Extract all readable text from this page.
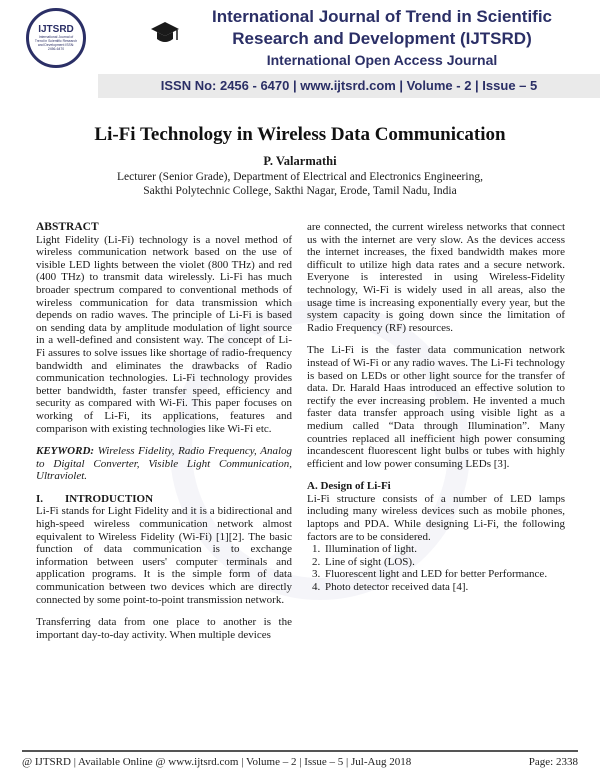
IJTSRD
International Journal of Trend in Scientific Research and Development ISSN: 2456-6470
International Journal of Trend in Scientific Research and Development (IJTSRD)
International Open Access Journal
ISSN No: 2456 - 6470 | www.ijtsrd.com | Volume - 2 | Issue – 5
Li-Fi Technology in Wireless Data Communication
P. Valarmathi
Lecturer (Senior Grade), Department of Electrical and Electronics Engineering,
Sakthi Polytechnic College, Sakthi Nagar, Erode, Tamil Nadu, India

ABSTRACT

Light Fidelity (Li-Fi) technology is a novel method of wireless communication network based on the use of visible LED lights between the violet (800 THz) and red (400 THz) to transmit data wirelessly. Li-Fi has much broader spectrum compared to conventional methods of wireless communication for data transmission which depends on radio waves. The principle of Li-Fi is based on sending data by amplitude modulation of light source in a well-defined and consistent way. The concept of Li-Fi assures to solve issues like shortage of radio-frequency bandwidth and eliminates the drawbacks of Radio communication technologies. Li-Fi technology provides better bandwidth, faster transfer speed, efficiency and security as compared with Wi-Fi. This paper focuses on working of Li-Fi, its applications, features and comparison with existing technologies like Wi-Fi etc.

KEYWORD: Wireless Fidelity, Radio Frequency, Analog to Digital Converter, Visible Light Communication, Ultraviolet.

I.        INTRODUCTION

Li-Fi stands for Light Fidelity and it is a bidirectional and high-speed wireless communication network almost equivalent to Wireless Fidelity (Wi-Fi) [1][2]. The basic function of data communication is to exchange information between users' computer terminals and application programs. It is the simple form of data communication between two devices which are directly connected by some point-to-point transmission network.

Transferring data from one place to another is the important day-to-day activity. When multiple devices

are connected, the current wireless networks that connect us with the internet are very slow. As the devices access the internet increases, the fixed bandwidth makes more difficult to utilize high data rates and a secure network. Everyone is interested in using Wireless-Fidelity technology, Wi-Fi is widely used in all areas, also the usage time is increasing exponentially every year, but the system capacity is going down since the limitation of Radio Frequency (RF) resources.

The Li-Fi is the faster data communication network instead of Wi-Fi or any radio waves. The Li-Fi technology is based on LEDs or other light source for the transfer of data. Dr. Harald Haas introduced an effective solution to rectify the ever increasing problem. He invented a much faster data transfer approach using visible light as a medium called “Data through Illumination”. Many countries replaced all inefficient high power consuming incandescent fluorescent light bulbs or tubes with highly efficient and low power consuming LEDs [3].

A. Design of Li-Fi

Li-Fi structure consists of a number of LED lamps including many wireless devices such as mobile phones, laptops and PDA. While designing Li-Fi, the following factors are to be considered.

1. Illumination of light.
2. Line of sight (LOS).
3. Fluorescent light and LED for better Performance.
4. Photo detector received data [4].
@ IJTSRD | Available Online @ www.ijtsrd.com | Volume – 2 | Issue – 5 | Jul-Aug 2018	Page: 2338
